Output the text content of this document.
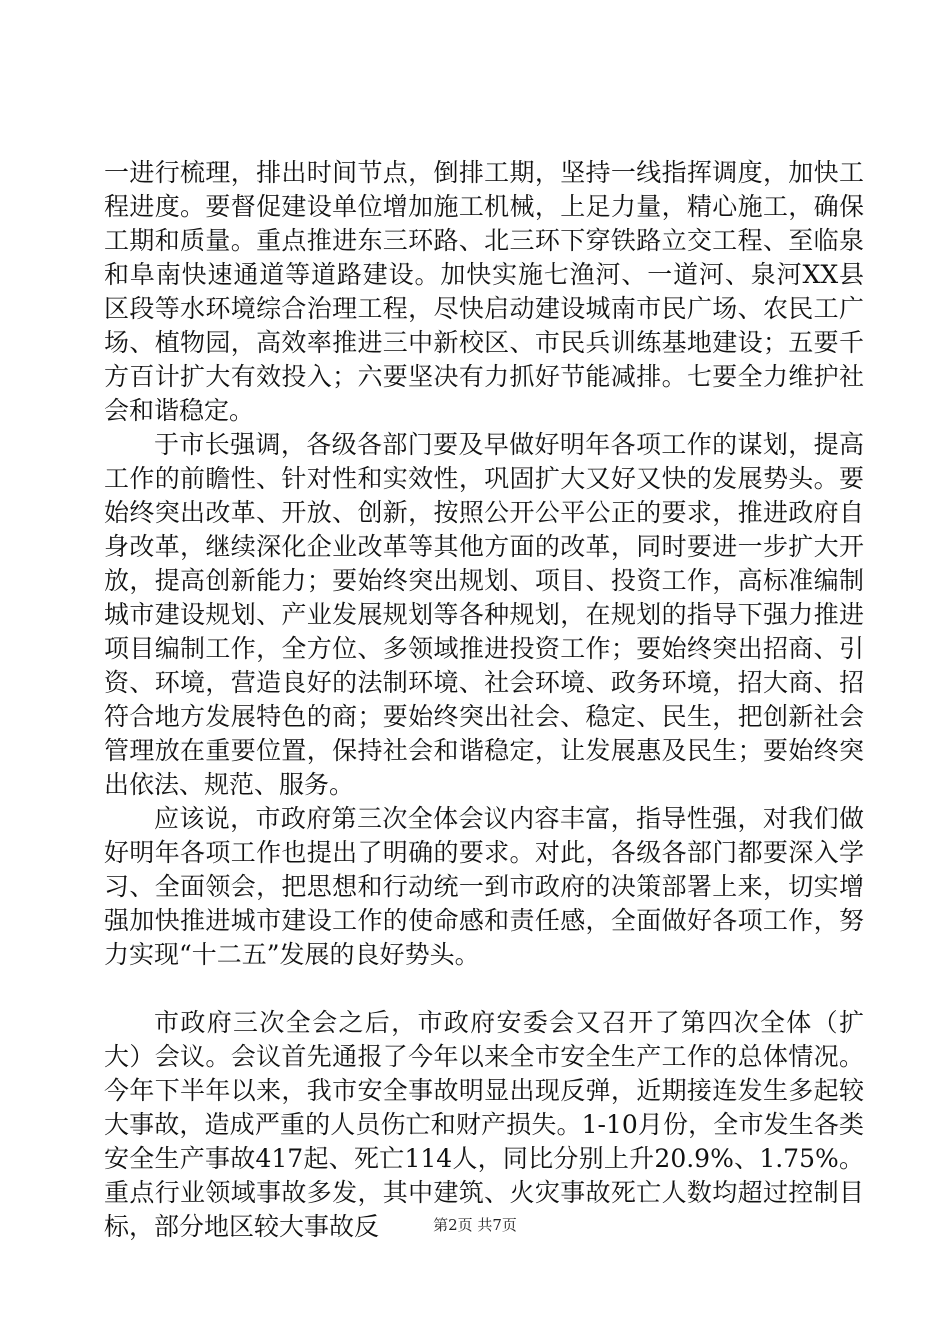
一进行梳理，排出时间节点，倒排工期，坚持一线指挥调度，加快工程进度。要督促建设单位增加施工机械，上足力量，精心施工，确保工期和质量。重点推进东三环路、北三环下穿铁路立交工程、至临泉和阜南快速通道等道路建设。加快实施七渔河、一道河、泉河XX县区段等水环境综合治理工程，尽快启动建设城南市民广场、农民工广场、植物园，高效率推进三中新校区、市民兵训练基地建设；五要千方百计扩大有效投入；六要坚决有力抓好节能减排。七要全力维护社会和谐稳定。

于市长强调，各级各部门要及早做好明年各项工作的谋划，提高工作的前瞻性、针对性和实效性，巩固扩大又好又快的发展势头。要始终突出改革、开放、创新，按照公开公平公正的要求，推进政府自身改革，继续深化企业改革等其他方面的改革，同时要进一步扩大开放，提高创新能力；要始终突出规划、项目、投资工作，高标准编制城市建设规划、产业发展规划等各种规划，在规划的指导下强力推进项目编制工作，全方位、多领域推进投资工作；要始终突出招商、引资、环境，营造良好的法制环境、社会环境、政务环境，招大商、招符合地方发展特色的商；要始终突出社会、稳定、民生，把创新社会管理放在重要位置，保持社会和谐稳定，让发展惠及民生；要始终突出依法、规范、服务。

应该说，市政府第三次全体会议内容丰富，指导性强，对我们做好明年各项工作也提出了明确的要求。对此，各级各部门都要深入学习、全面领会，把思想和行动统一到市政府的决策部署上来，切实增强加快推进城市建设工作的使命感和责任感，全面做好各项工作，努力实现“十二五”发展的良好势头。

市政府三次全会之后，市政府安委会又召开了第四次全体（扩大）会议。会议首先通报了今年以来全市安全生产工作的总体情况。今年下半年以来，我市安全事故明显出现反弹，近期接连发生多起较大事故，造成严重的人员伤亡和财产损失。1-10月份，全市发生各类安全生产事故417起、死亡114人，同比分别上升20.9%、1.75%。重点行业领域事故多发，其中建筑、火灾事故死亡人数均超过控制目标，部分地区较大事故反	第2页 共7页
